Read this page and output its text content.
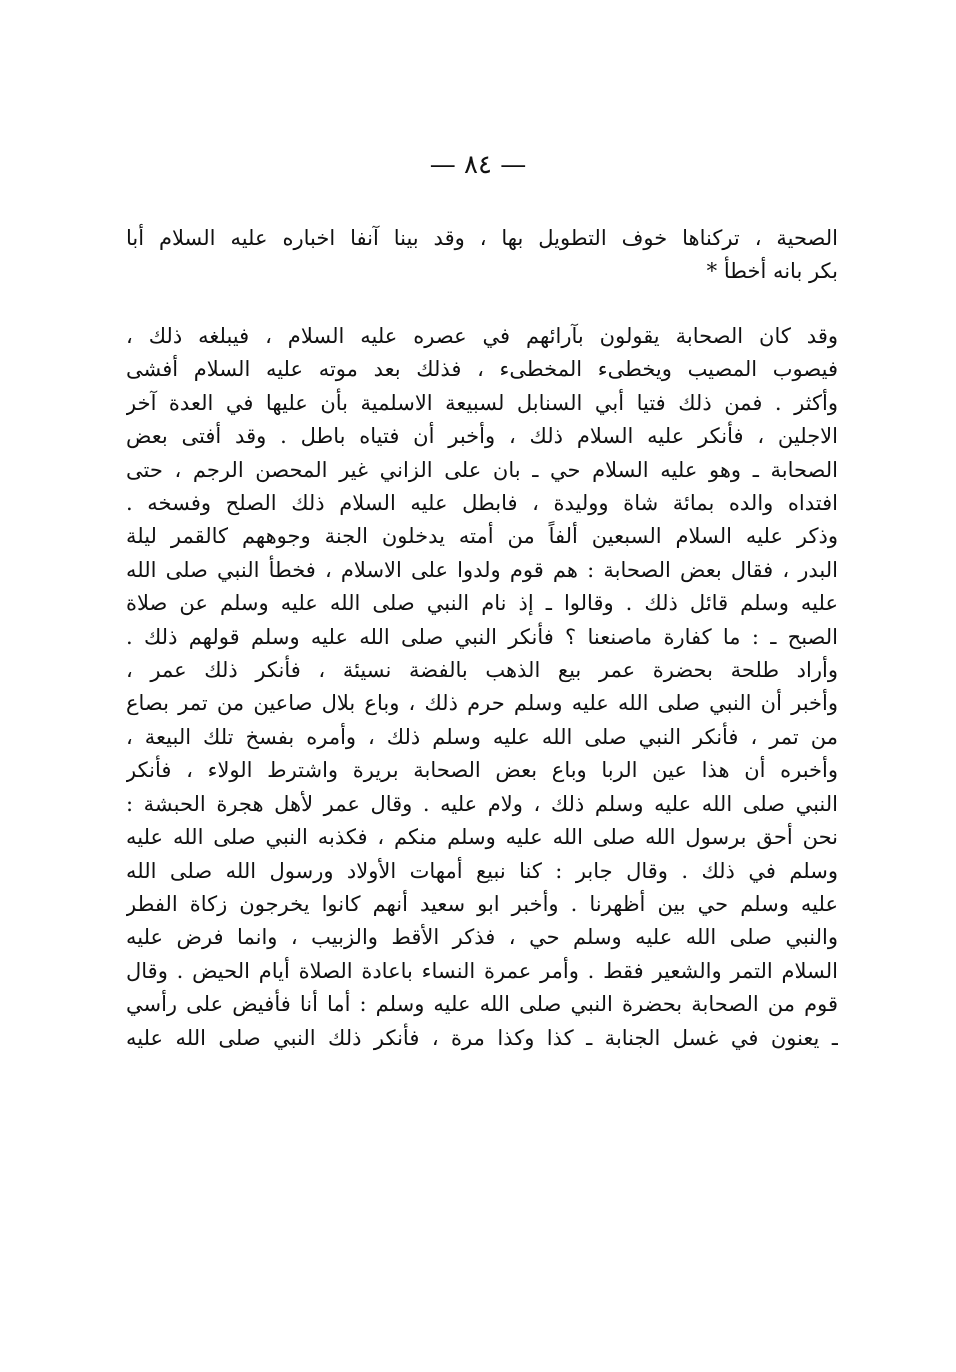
— ٨٤ —
الصحية ، تركناها خوف التطويل بها ، وقد بينا آنفا اخباره عليه السلام أبا
بكر بانه أخطأ *
وقد كان الصحابة يقولون بآرائهم في عصره عليه السلام ، فيبلغه ذلك ،
فيصوب المصيب ويخطىء المخطىء ، فذلك بعد موته عليه السلام أفشى
وأكثر . فمن ذلك فتيا أبي السنابل لسبيعة الاسلمية بأن عليها في العدة آخر
الاجلين ، فأنكر عليه السلام ذلك ، وأخبر أن فتياه باطل . وقد أفتى بعض
الصحابة ـ وهو عليه السلام حي ـ بان على الزاني غير المحصن الرجم ، حتى
افتداه والده بمائة شاة ووليدة ، فابطل عليه السلام ذلك الصلح وفسخه .
وذكر عليه السلام السبعين ألفاً من أمته يدخلون الجنة وجوههم كالقمر ليلة
البدر ، فقال بعض الصحابة : هم قوم ولدوا على الاسلام ، فخطأ النبي صلى الله
عليه وسلم قائل ذلك . وقالوا ـ إذ نام النبي صلى الله عليه وسلم عن صلاة
الصبح ـ : ما كفارة ماصنعنا ؟ فأنكر النبي صلى الله عليه وسلم قولهم ذلك .
وأراد طلحة بحضرة عمر بيع الذهب بالفضة نسيئة ، فأنكر ذلك عمر ،
وأخبر أن النبي صلى الله عليه وسلم حرم ذلك ، وباع بلال صاعين من تمر بصاع
من تمر ، فأنكر النبي صلى الله عليه وسلم ذلك ، وأمره بفسخ تلك البيعة ،
وأخبره أن هذا عين الربا وباع بعض الصحابة بريرة واشترط الولاء ، فأنكر
النبي صلى الله عليه وسلم ذلك ، ولام عليه . وقال عمر لأهل هجرة الحبشة :
نحن أحق برسول الله صلى الله عليه وسلم منكم ، فكذبه النبي صلى الله عليه
وسلم في ذلك . وقال جابر : كنا نبيع أمهات الأولاد ورسول الله صلى الله
عليه وسلم حي بين أظهرنا . وأخبر ابو سعيد أنهم كانوا يخرجون زكاة الفطر
والنبي صلى الله عليه وسلم حي ، فذكر الأقط والزبيب ، وانما فرض عليه
السلام التمر والشعير فقط . وأمر عمرة النساء باعادة الصلاة أيام الحيض . وقال
قوم من الصحابة بحضرة النبي صلى الله عليه وسلم : أما أنا فأفيض على رأسي
ـ يعنون في غسل الجنابة ـ كذا وكذا مرة ، فأنكر ذلك النبي صلى الله عليه
